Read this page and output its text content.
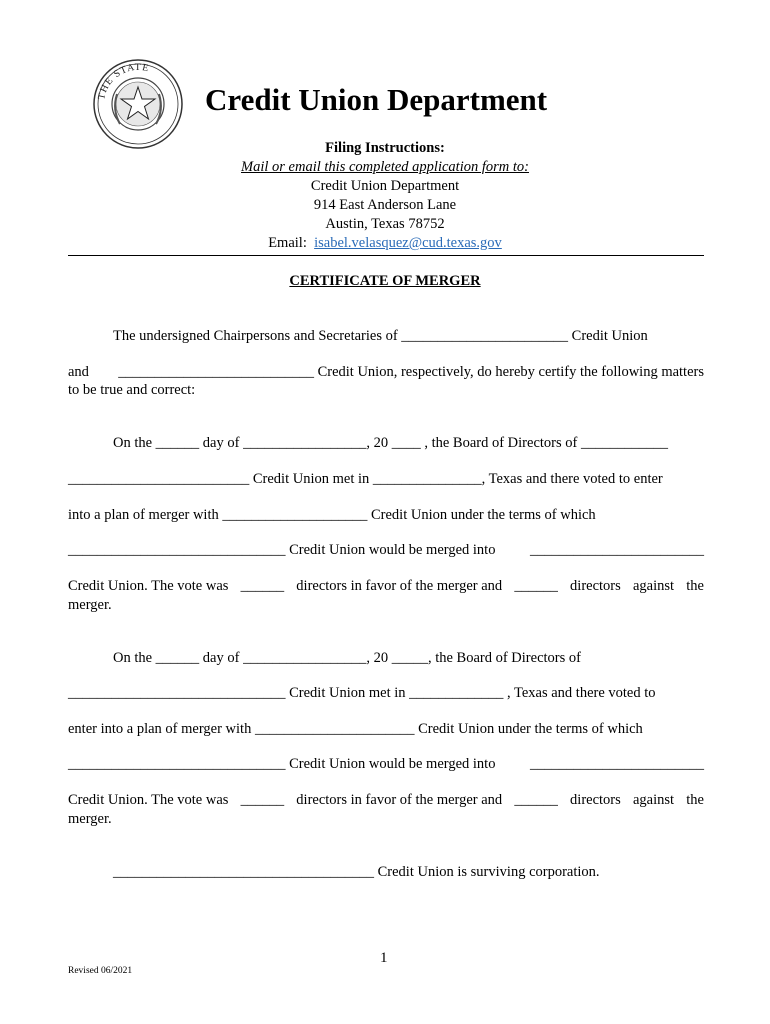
THE STATE
Credit Union Department
Filing Instructions:
Mail or email this completed application form to:
Credit Union Department
914 East Anderson Lane
Austin, Texas 78752
Email: isabel.velasquez@cud.texas.gov
CERTIFICATE OF MERGER
The undersigned Chairpersons and Secretaries of _______________________ Credit Union
and ___________________________ Credit Union, respectively, do hereby certify the following matters
to be true and correct:
On the ______ day of _________________, 20 ____ , the Board of Directors of ____________
_________________________ Credit Union met in _______________, Texas and there voted to enter
into a plan of merger with ____________________ Credit Union under the terms of which
______________________________ Credit Union would be merged into ________________________
Credit Union. The vote was ______ directors in favor of the merger and ______ directors against the
merger.
On the ______ day of _________________, 20 _____, the Board of Directors of
______________________________ Credit Union met in _____________ , Texas and there voted to
enter into a plan of merger with ______________________ Credit Union under the terms of which
______________________________ Credit Union would be merged into ________________________
Credit Union. The vote was ______ directors in favor of the merger and ______ directors against the
merger.
____________________________________ Credit Union is surviving corporation.
1
Revised 06/2021
